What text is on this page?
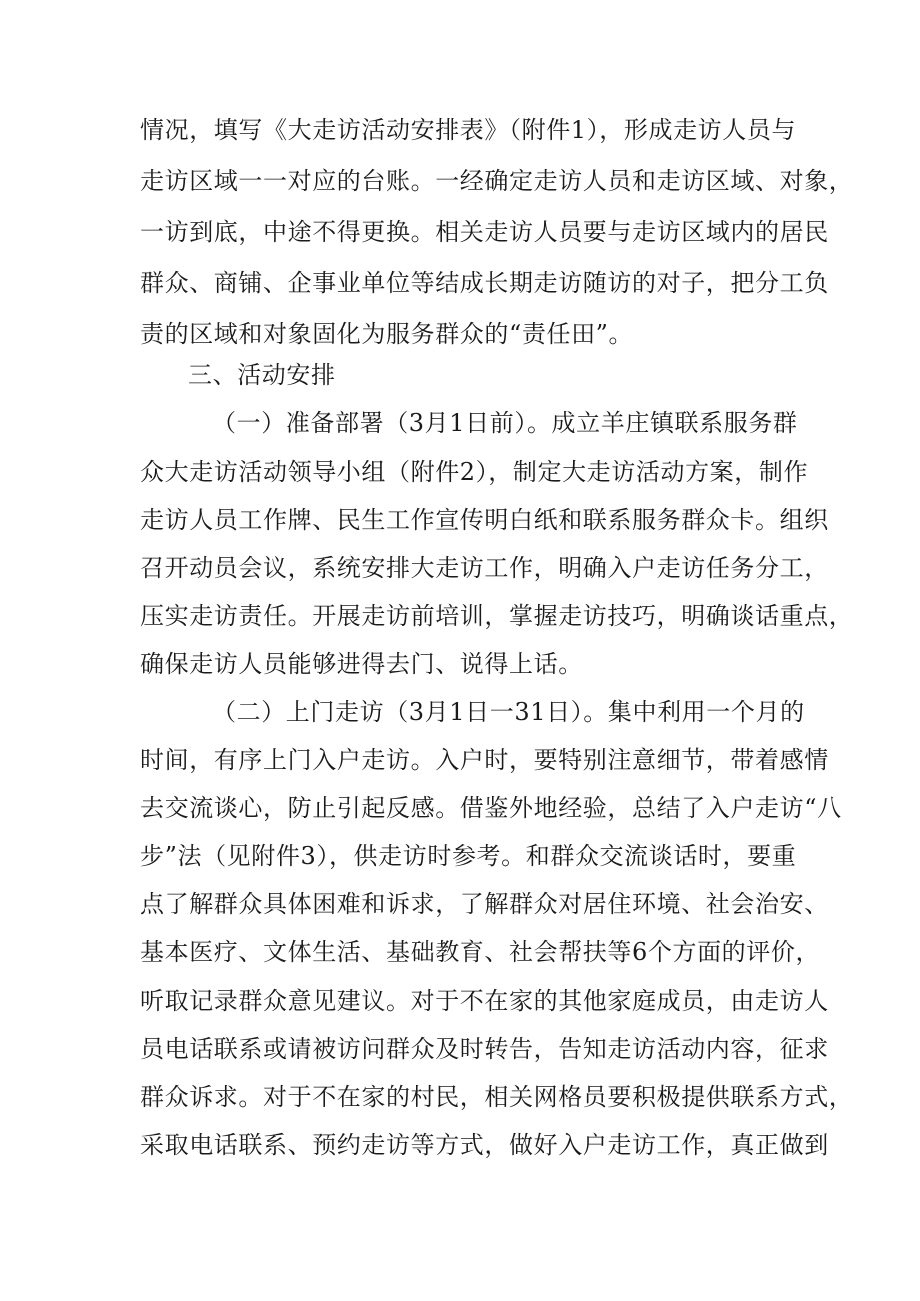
情况，填写《大走访活动安排表》（附件1），形成走访人员与
走访区域一一对应的台账。一经确定走访人员和走访区域、对象，
一访到底，中途不得更换。相关走访人员要与走访区域内的居民
群众、商铺、企事业单位等结成长期走访随访的对子，把分工负
责的区域和对象固化为服务群众的“责任田”。
三、活动安排
（一）准备部署（3月1日前）。成立羊庄镇联系服务群
众大走访活动领导小组（附件2），制定大走访活动方案，制作
走访人员工作牌、民生工作宣传明白纸和联系服务群众卡。组织
召开动员会议，系统安排大走访工作，明确入户走访任务分工，
压实走访责任。开展走访前培训，掌握走访技巧，明确谈话重点，
确保走访人员能够进得去门、说得上话。
（二）上门走访（3月1日一31日）。集中利用一个月的
时间，有序上门入户走访。入户时，要特别注意细节，带着感情
去交流谈心，防止引起反感。借鉴外地经验，总结了入户走访“八
步”法（见附件3），供走访时参考。和群众交流谈话时，要重
点了解群众具体困难和诉求，了解群众对居住环境、社会治安、
基本医疗、文体生活、基础教育、社会帮扶等6个方面的评价，
听取记录群众意见建议。对于不在家的其他家庭成员，由走访人
员电话联系或请被访问群众及时转告，告知走访活动内容，征求
群众诉求。对于不在家的村民，相关网格员要积极提供联系方式，
采取电话联系、预约走访等方式，做好入户走访工作，真正做到
